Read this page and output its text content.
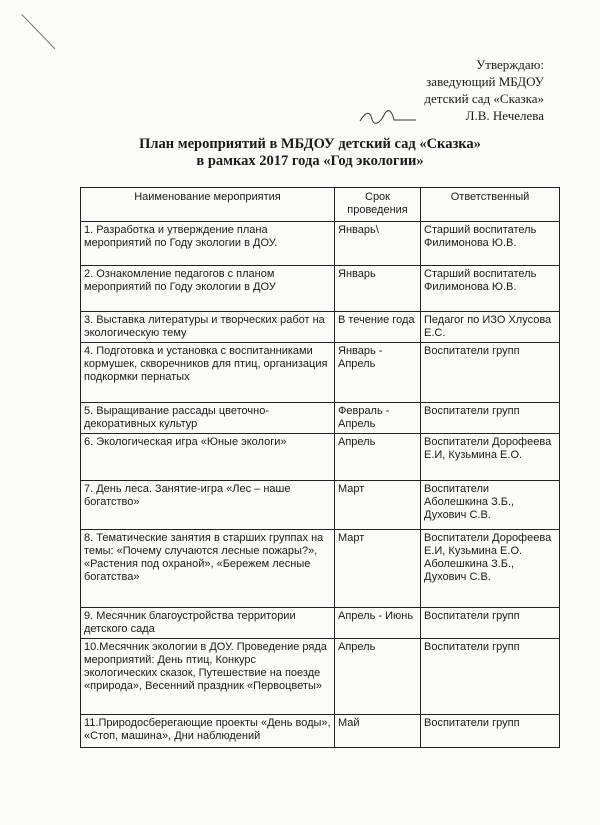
Утверждаю:
заведующий МБДОУ
детский сад «Сказка»
Л.В. Нечелева
План мероприятий в МБДОУ детский сад «Сказка»
в рамках 2017 года «Год экологии»
Наименование мероприятия	Срок проведения	Ответственный
1. Разработка и утверждение плана мероприятий по Году экологии в ДОУ.	Январь\	Старший воспитатель Филимонова Ю.В.
2. Ознакомление педагогов с планом мероприятий по Году экологии в ДОУ	Январь	Старший воспитатель Филимонова Ю.В.
3. Выставка литературы и творческих работ на экологическую тему	В течение года	Педагог по ИЗО Хлусова Е.С.
4. Подготовка и установка с воспитанниками кормушек, скворечников для птиц, организация подкормки пернатых	Январь - Апрель	Воспитатели групп
5. Выращивание рассады цветочно-декоративных культур	Февраль - Апрель	Воспитатели групп
6. Экологическая игра «Юные экологи»	Апрель	Воспитатели Дорофеева Е.И, Кузьмина Е.О.
7. День леса. Занятие-игра «Лес – наше богатство»	Март	Воспитатели Аболешкина З.Б., Духович С.В.
8. Тематические занятия в старших группах на темы: «Почему случаются лесные пожары?», «Растения под охраной», «Бережем лесные богатства»	Март	Воспитатели Дорофеева Е.И, Кузьмина Е.О. Аболешкина З.Б., Духович С.В.
9. Месячник благоустройства территории детского сада	Апрель - Июнь	Воспитатели групп
10.Месячник экологии в ДОУ. Проведение ряда мероприятий: День птиц, Конкурс экологических сказок, Путешествие на поезде «природа», Весенний праздник «Первоцветы»	Апрель	Воспитатели групп
11.Природосберегающие проекты «День воды», «Стоп, машина», Дни наблюдений	Май	Воспитатели групп
